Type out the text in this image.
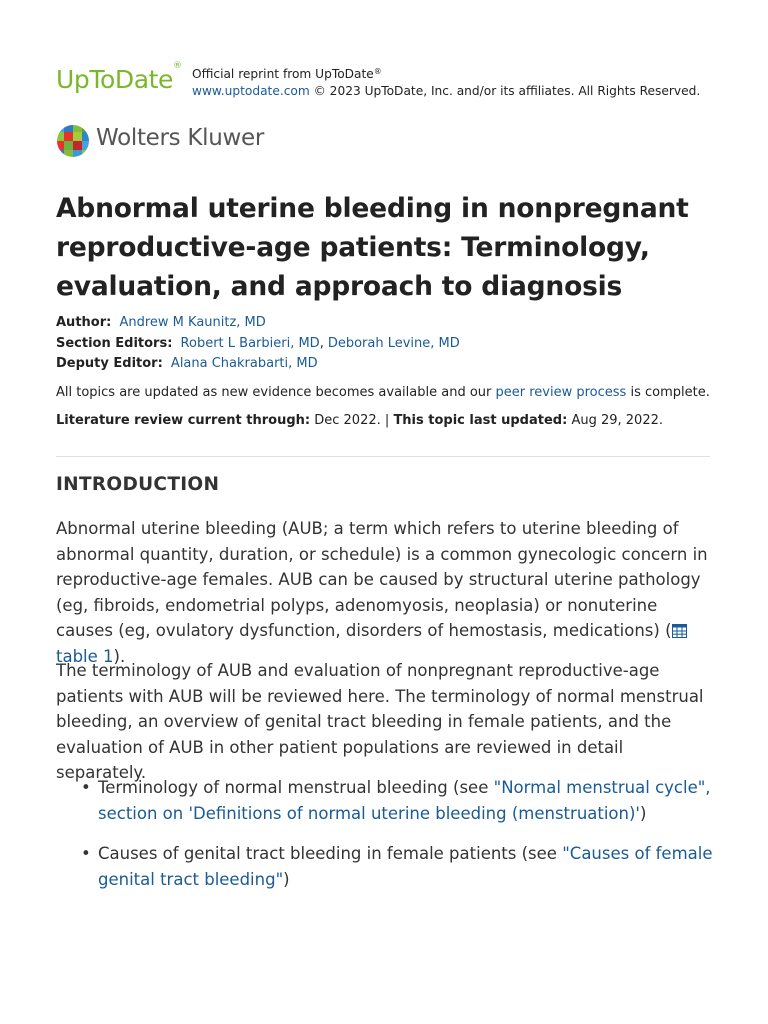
UpToDate®
Official reprint from UpToDate®
www.uptodate.com © 2023 UpToDate, Inc. and/or its affiliates. All Rights Reserved.
Wolters Kluwer
Abnormal uterine bleeding in nonpregnant reproductive-age patients: Terminology, evaluation, and approach to diagnosis
Author: Andrew M Kaunitz, MD
Section Editors: Robert L Barbieri, MD, Deborah Levine, MD
Deputy Editor: Alana Chakrabarti, MD
All topics are updated as new evidence becomes available and our peer review process is complete.
Literature review current through: Dec 2022. | This topic last updated: Aug 29, 2022.
INTRODUCTION

Abnormal uterine bleeding (AUB; a term which refers to uterine bleeding of abnormal quantity, duration, or schedule) is a common gynecologic concern in reproductive-age females. AUB can be caused by structural uterine pathology (eg, fibroids, endometrial polyps, adenomyosis, neoplasia) or nonuterine causes (eg, ovulatory dysfunction, disorders of hemostasis, medications) (table 1).

The terminology of AUB and evaluation of nonpregnant reproductive-age patients with AUB will be reviewed here. The terminology of normal menstrual bleeding, an overview of genital tract bleeding in female patients, and the evaluation of AUB in other patient populations are reviewed in detail separately.

• Terminology of normal menstrual bleeding (see "Normal menstrual cycle", section on 'Definitions of normal uterine bleeding (menstruation)')
• Causes of genital tract bleeding in female patients (see "Causes of female genital tract bleeding")
